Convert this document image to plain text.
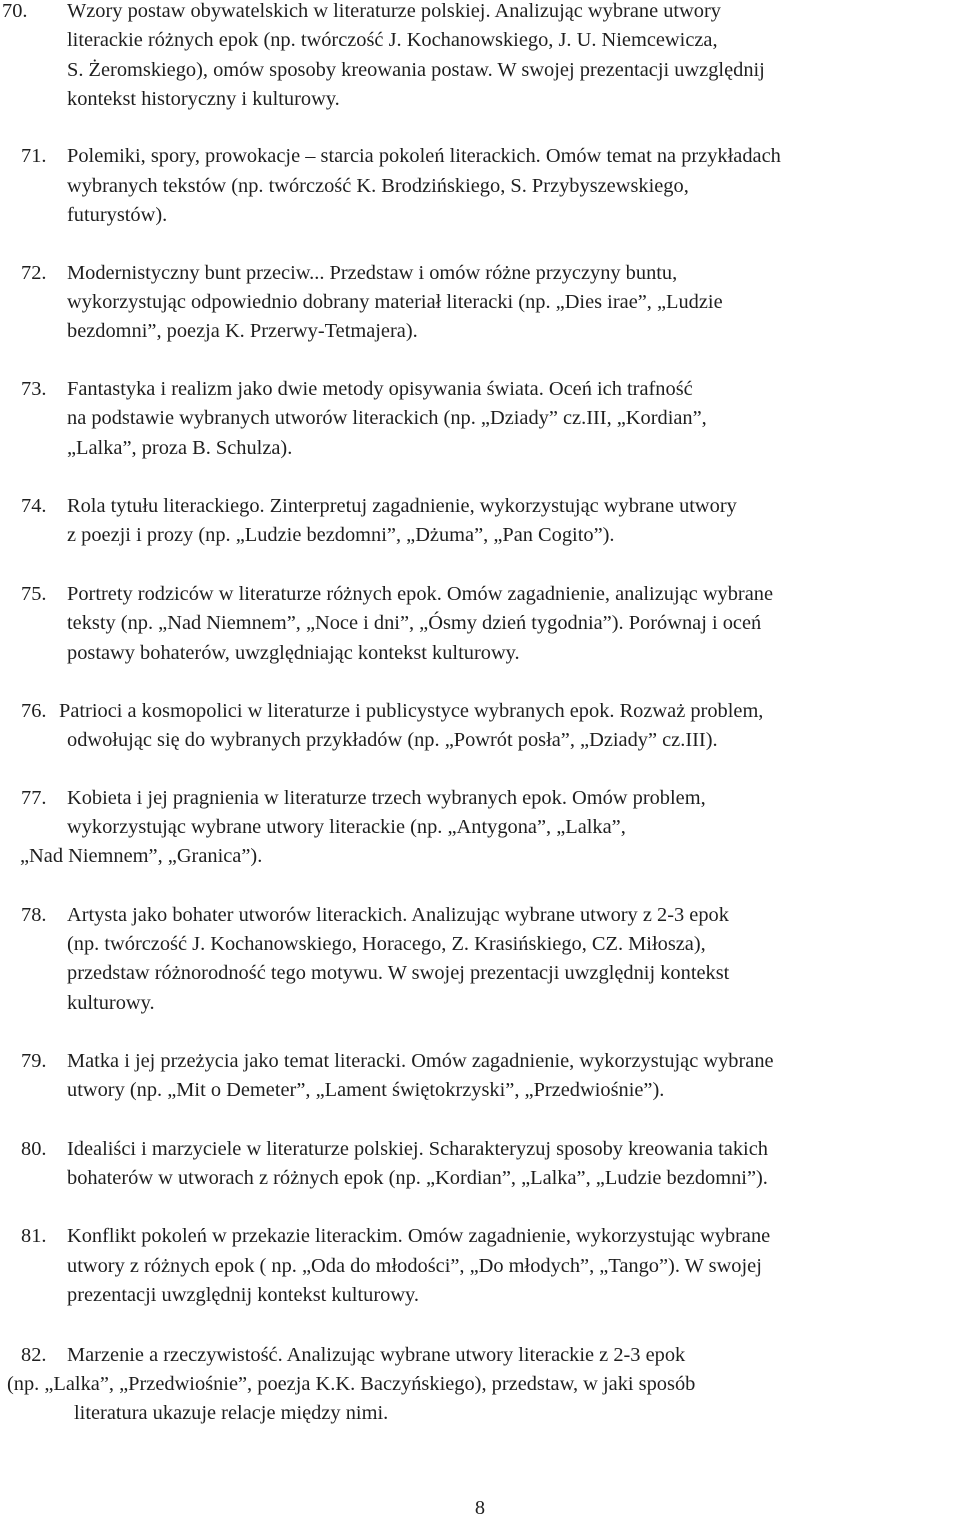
70. Wzory postaw obywatelskich w literaturze polskiej. Analizując wybrane utwory
literackie różnych epok (np. twórczość J. Kochanowskiego, J. U. Niemcewicza,
S. Żeromskiego), omów sposoby kreowania postaw. W swojej prezentacji uwzględnij
kontekst historyczny i kulturowy.
71. Polemiki, spory, prowokacje – starcia pokoleń literackich. Omów temat na przykładach
wybranych tekstów (np. twórczość K. Brodzińskiego, S. Przybyszewskiego,
futurystów).
72. Modernistyczny bunt przeciw... Przedstaw i omów różne przyczyny buntu,
wykorzystując odpowiednio dobrany materiał literacki (np. „Dies irae”, „Ludzie
bezdomni”, poezja K. Przerwy-Tetmajera).
73. Fantastyka i realizm jako dwie metody opisywania świata. Oceń ich trafność
na podstawie wybranych utworów literackich (np. „Dziady” cz.III, „Kordian”,
„Lalka”, proza B. Schulza).
74. Rola tytułu literackiego. Zinterpretuj zagadnienie, wykorzystując wybrane utwory
z poezji i prozy (np. „Ludzie bezdomni”, „Dżuma”, „Pan Cogito”).
75. Portrety rodziców w literaturze różnych epok. Omów zagadnienie, analizując wybrane
teksty (np. „Nad Niemnem”, „Noce i dni”, „Ósmy dzień tygodnia”). Porównaj i oceń
postawy bohaterów, uwzględniając kontekst kulturowy.
76. Patrioci a kosmopolici w literaturze i publicystyce wybranych epok. Rozważ problem,
odwołując się do wybranych przykładów (np. „Powrót posła”, „Dziady” cz.III).
77. Kobieta i jej pragnienia w literaturze trzech wybranych epok. Omów problem,
wykorzystując wybrane utwory literackie (np. „Antygona”, „Lalka”,
„Nad Niemnem”, „Granica”).
78. Artysta jako bohater utworów literackich. Analizując wybrane utwory z 2-3 epok
(np. twórczość J. Kochanowskiego, Horacego, Z. Krasińskiego, CZ. Miłosza),
przedstaw różnorodność tego motywu. W swojej prezentacji uwzględnij kontekst
kulturowy.
79. Matka i jej przeżycia jako temat literacki. Omów zagadnienie, wykorzystując wybrane
utwory (np. „Mit o Demeter”, „Lament świętokrzyski”, „Przedwiośnie”).
80. Idealiści i marzyciele w literaturze polskiej. Scharakteryzuj sposoby kreowania takich
bohaterów w utworach z różnych epok (np. „Kordian”, „Lalka”, „Ludzie bezdomni”).
81. Konflikt pokoleń w przekazie literackim. Omów zagadnienie, wykorzystując wybrane
utwory z różnych epok ( np. „Oda do młodości”, „Do młodych”, „Tango”). W swojej
prezentacji uwzględnij kontekst kulturowy.
82. Marzenie a rzeczywistość. Analizując wybrane utwory literackie z 2-3 epok
(np. „Lalka”, „Przedwiośnie”, poezja K.K. Baczyńskiego), przedstaw, w jaki sposób
literatura ukazuje relacje między nimi.
8
